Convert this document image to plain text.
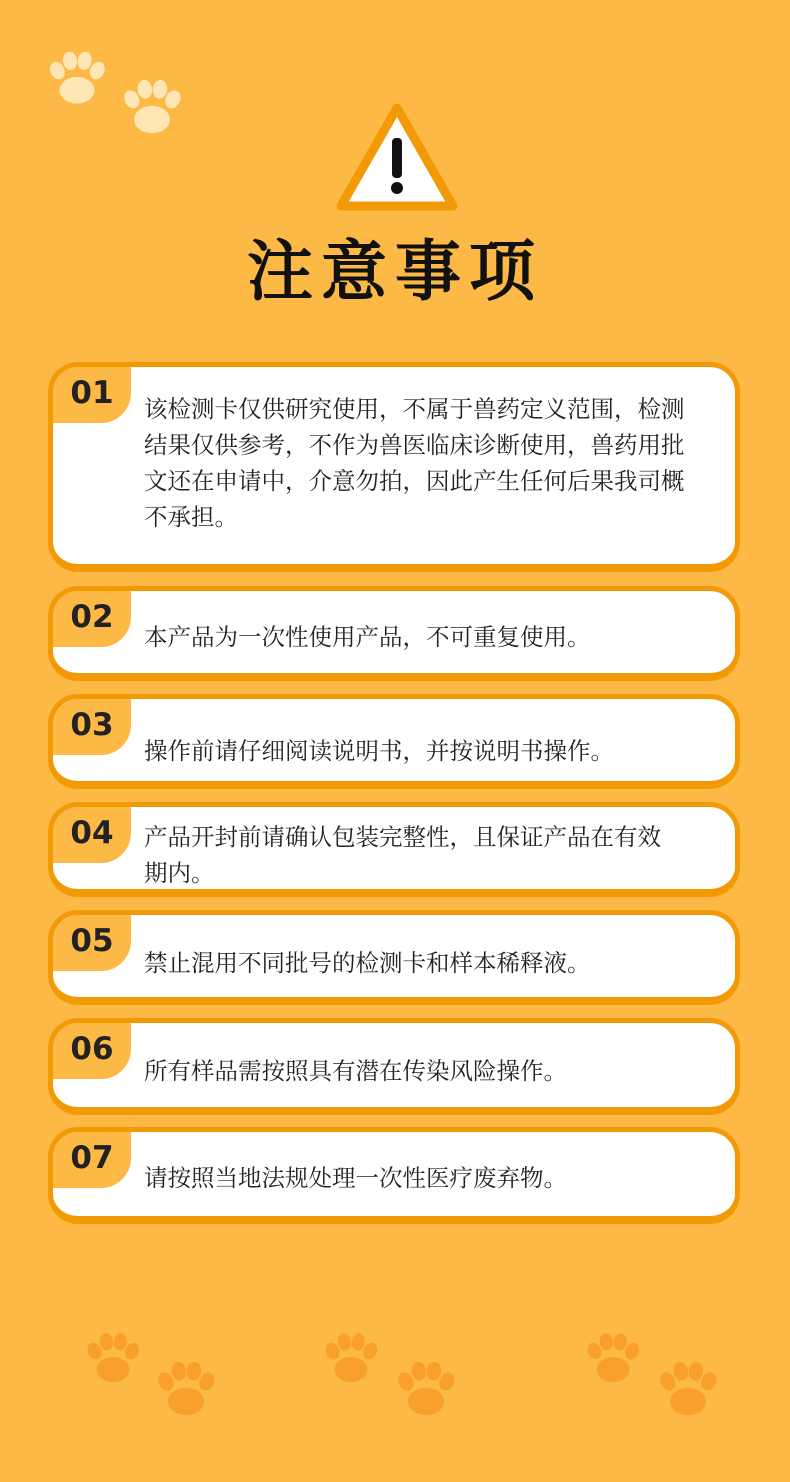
注意事项
01	该检测卡仅供研究使用，不属于兽药定义范围，检测
结果仅供参考，不作为兽医临床诊断使用，兽药用批
文还在申请中，介意勿拍，因此产生任何后果我司概
不承担。
02
本产品为一次性使用产品，不可重复使用。
03
操作前请仔细阅读说明书，并按说明书操作。
04	产品开封前请确认包装完整性，且保证产品在有效
期内。
05
禁止混用不同批号的检测卡和样本稀释液。
06
所有样品需按照具有潜在传染风险操作。
07
请按照当地法规处理一次性医疗废弃物。
